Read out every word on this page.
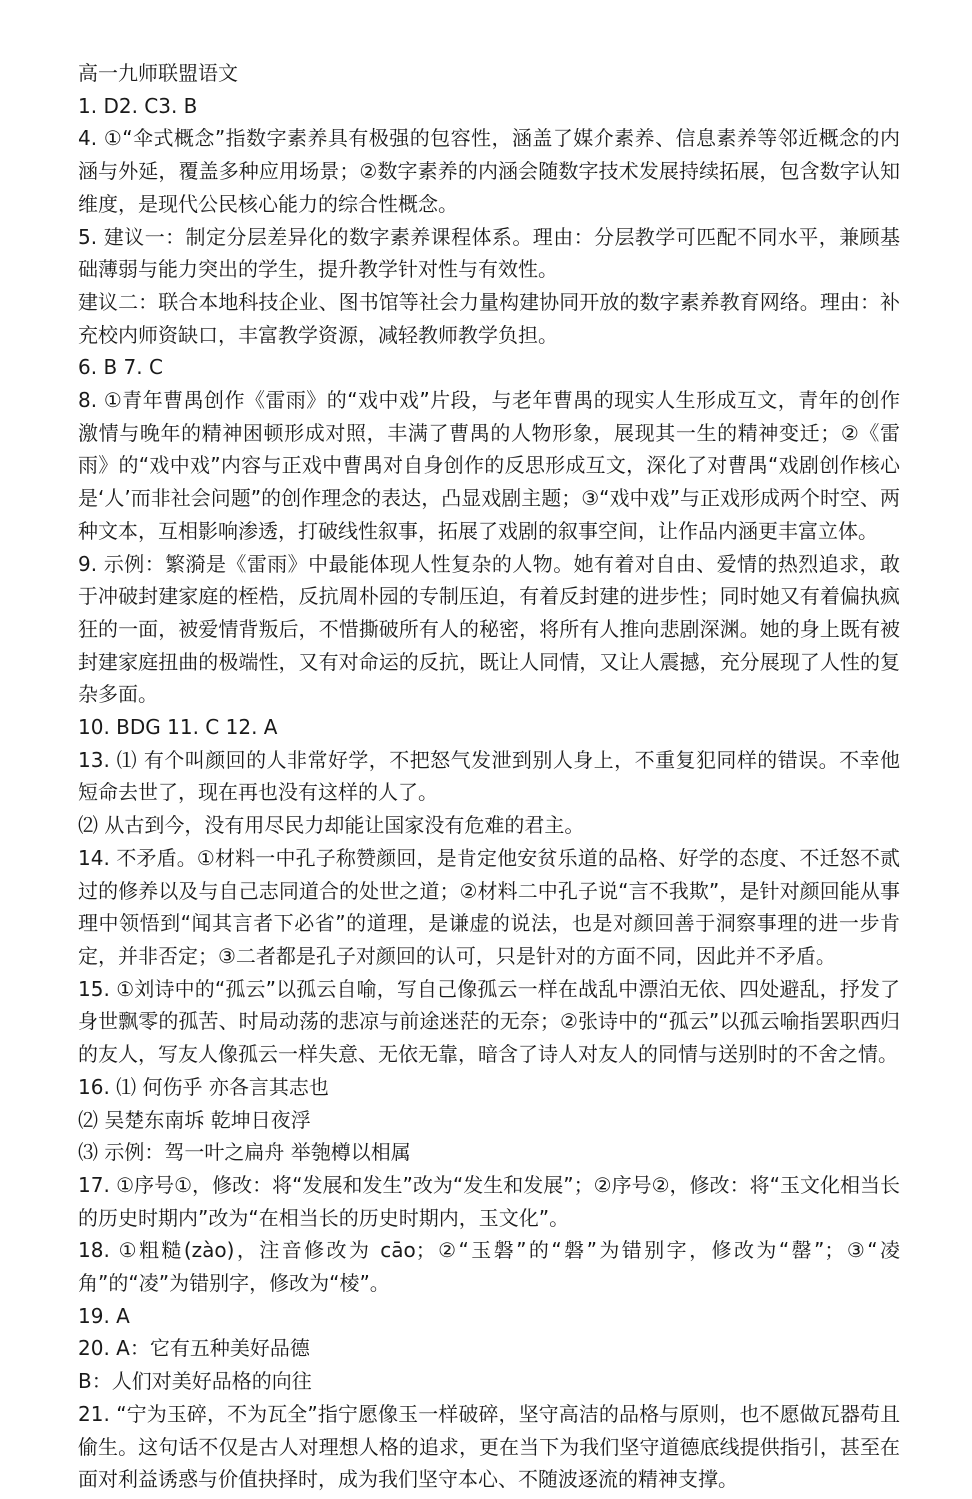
高一九师联盟语文

1. D2. C3. B

4. ①“伞式概念”指数字素养具有极强的包容性，涵盖了媒介素养、信息素养等邻近概念的内涵与外延，覆盖多种应用场景；②数字素养的内涵会随数字技术发展持续拓展，包含数字认知维度，是现代公民核心能力的综合性概念。

5. 建议一：制定分层差异化的数字素养课程体系。理由：分层教学可匹配不同水平，兼顾基础薄弱与能力突出的学生，提升教学针对性与有效性。

建议二：联合本地科技企业、图书馆等社会力量构建协同开放的数字素养教育网络。理由：补充校内师资缺口，丰富教学资源，减轻教师教学负担。

6. B 7. C

8. ①青年曹禺创作《雷雨》的“戏中戏”片段，与老年曹禺的现实人生形成互文，青年的创作激情与晚年的精神困顿形成对照，丰满了曹禺的人物形象，展现其一生的精神变迁；②《雷雨》的“戏中戏”内容与正戏中曹禺对自身创作的反思形成互文，深化了对曹禺“戏剧创作核心是‘人’而非社会问题”的创作理念的表达，凸显戏剧主题；③“戏中戏”与正戏形成两个时空、两种文本，互相影响渗透，打破线性叙事，拓展了戏剧的叙事空间，让作品内涵更丰富立体。

9. 示例：繁漪是《雷雨》中最能体现人性复杂的人物。她有着对自由、爱情的热烈追求，敢于冲破封建家庭的桎梏，反抗周朴园的专制压迫，有着反封建的进步性；同时她又有着偏执疯狂的一面，被爱情背叛后，不惜撕破所有人的秘密，将所有人推向悲剧深渊。她的身上既有被封建家庭扭曲的极端性，又有对命运的反抗，既让人同情，又让人震撼，充分展现了人性的复杂多面。

10. BDG 11. C 12. A

13. ⑴ 有个叫颜回的人非常好学，不把怒气发泄到别人身上，不重复犯同样的错误。不幸他短命去世了，现在再也没有这样的人了。

⑵ 从古到今，没有用尽民力却能让国家没有危难的君主。

14. 不矛盾。①材料一中孔子称赞颜回，是肯定他安贫乐道的品格、好学的态度、不迁怒不贰过的修养以及与自己志同道合的处世之道；②材料二中孔子说“言不我欺”，是针对颜回能从事理中领悟到“闻其言者下必省”的道理，是谦虚的说法，也是对颜回善于洞察事理的进一步肯定，并非否定；③二者都是孔子对颜回的认可，只是针对的方面不同，因此并不矛盾。

15. ①刘诗中的“孤云”以孤云自喻，写自己像孤云一样在战乱中漂泊无依、四处避乱，抒发了身世飘零的孤苦、时局动荡的悲凉与前途迷茫的无奈；②张诗中的“孤云”以孤云喻指罢职西归的友人，写友人像孤云一样失意、无依无靠，暗含了诗人对友人的同情与送别时的不舍之情。

16. ⑴ 何伤乎 亦各言其志也

⑵ 吴楚东南坼 乾坤日夜浮

⑶ 示例：驾一叶之扁舟 举匏樽以相属

17. ①序号①，修改：将“发展和发生”改为“发生和发展”；②序号②，修改：将“玉文化相当长的历史时期内”改为“在相当长的历史时期内，玉文化”。

18. ①粗糙(zào)，注音修改为 cāo；②“玉磐”的“磐”为错别字，修改为“罄”；③“凌角”的“凌”为错别字，修改为“棱”。

19. A

20. A：它有五种美好品德

B：人们对美好品格的向往

21. “宁为玉碎，不为瓦全”指宁愿像玉一样破碎，坚守高洁的品格与原则，也不愿做瓦器苟且偷生。这句话不仅是古人对理想人格的追求，更在当下为我们坚守道德底线提供指引，甚至在面对利益诱惑与价值抉择时，成为我们坚守本心、不随波逐流的精神支撑。
